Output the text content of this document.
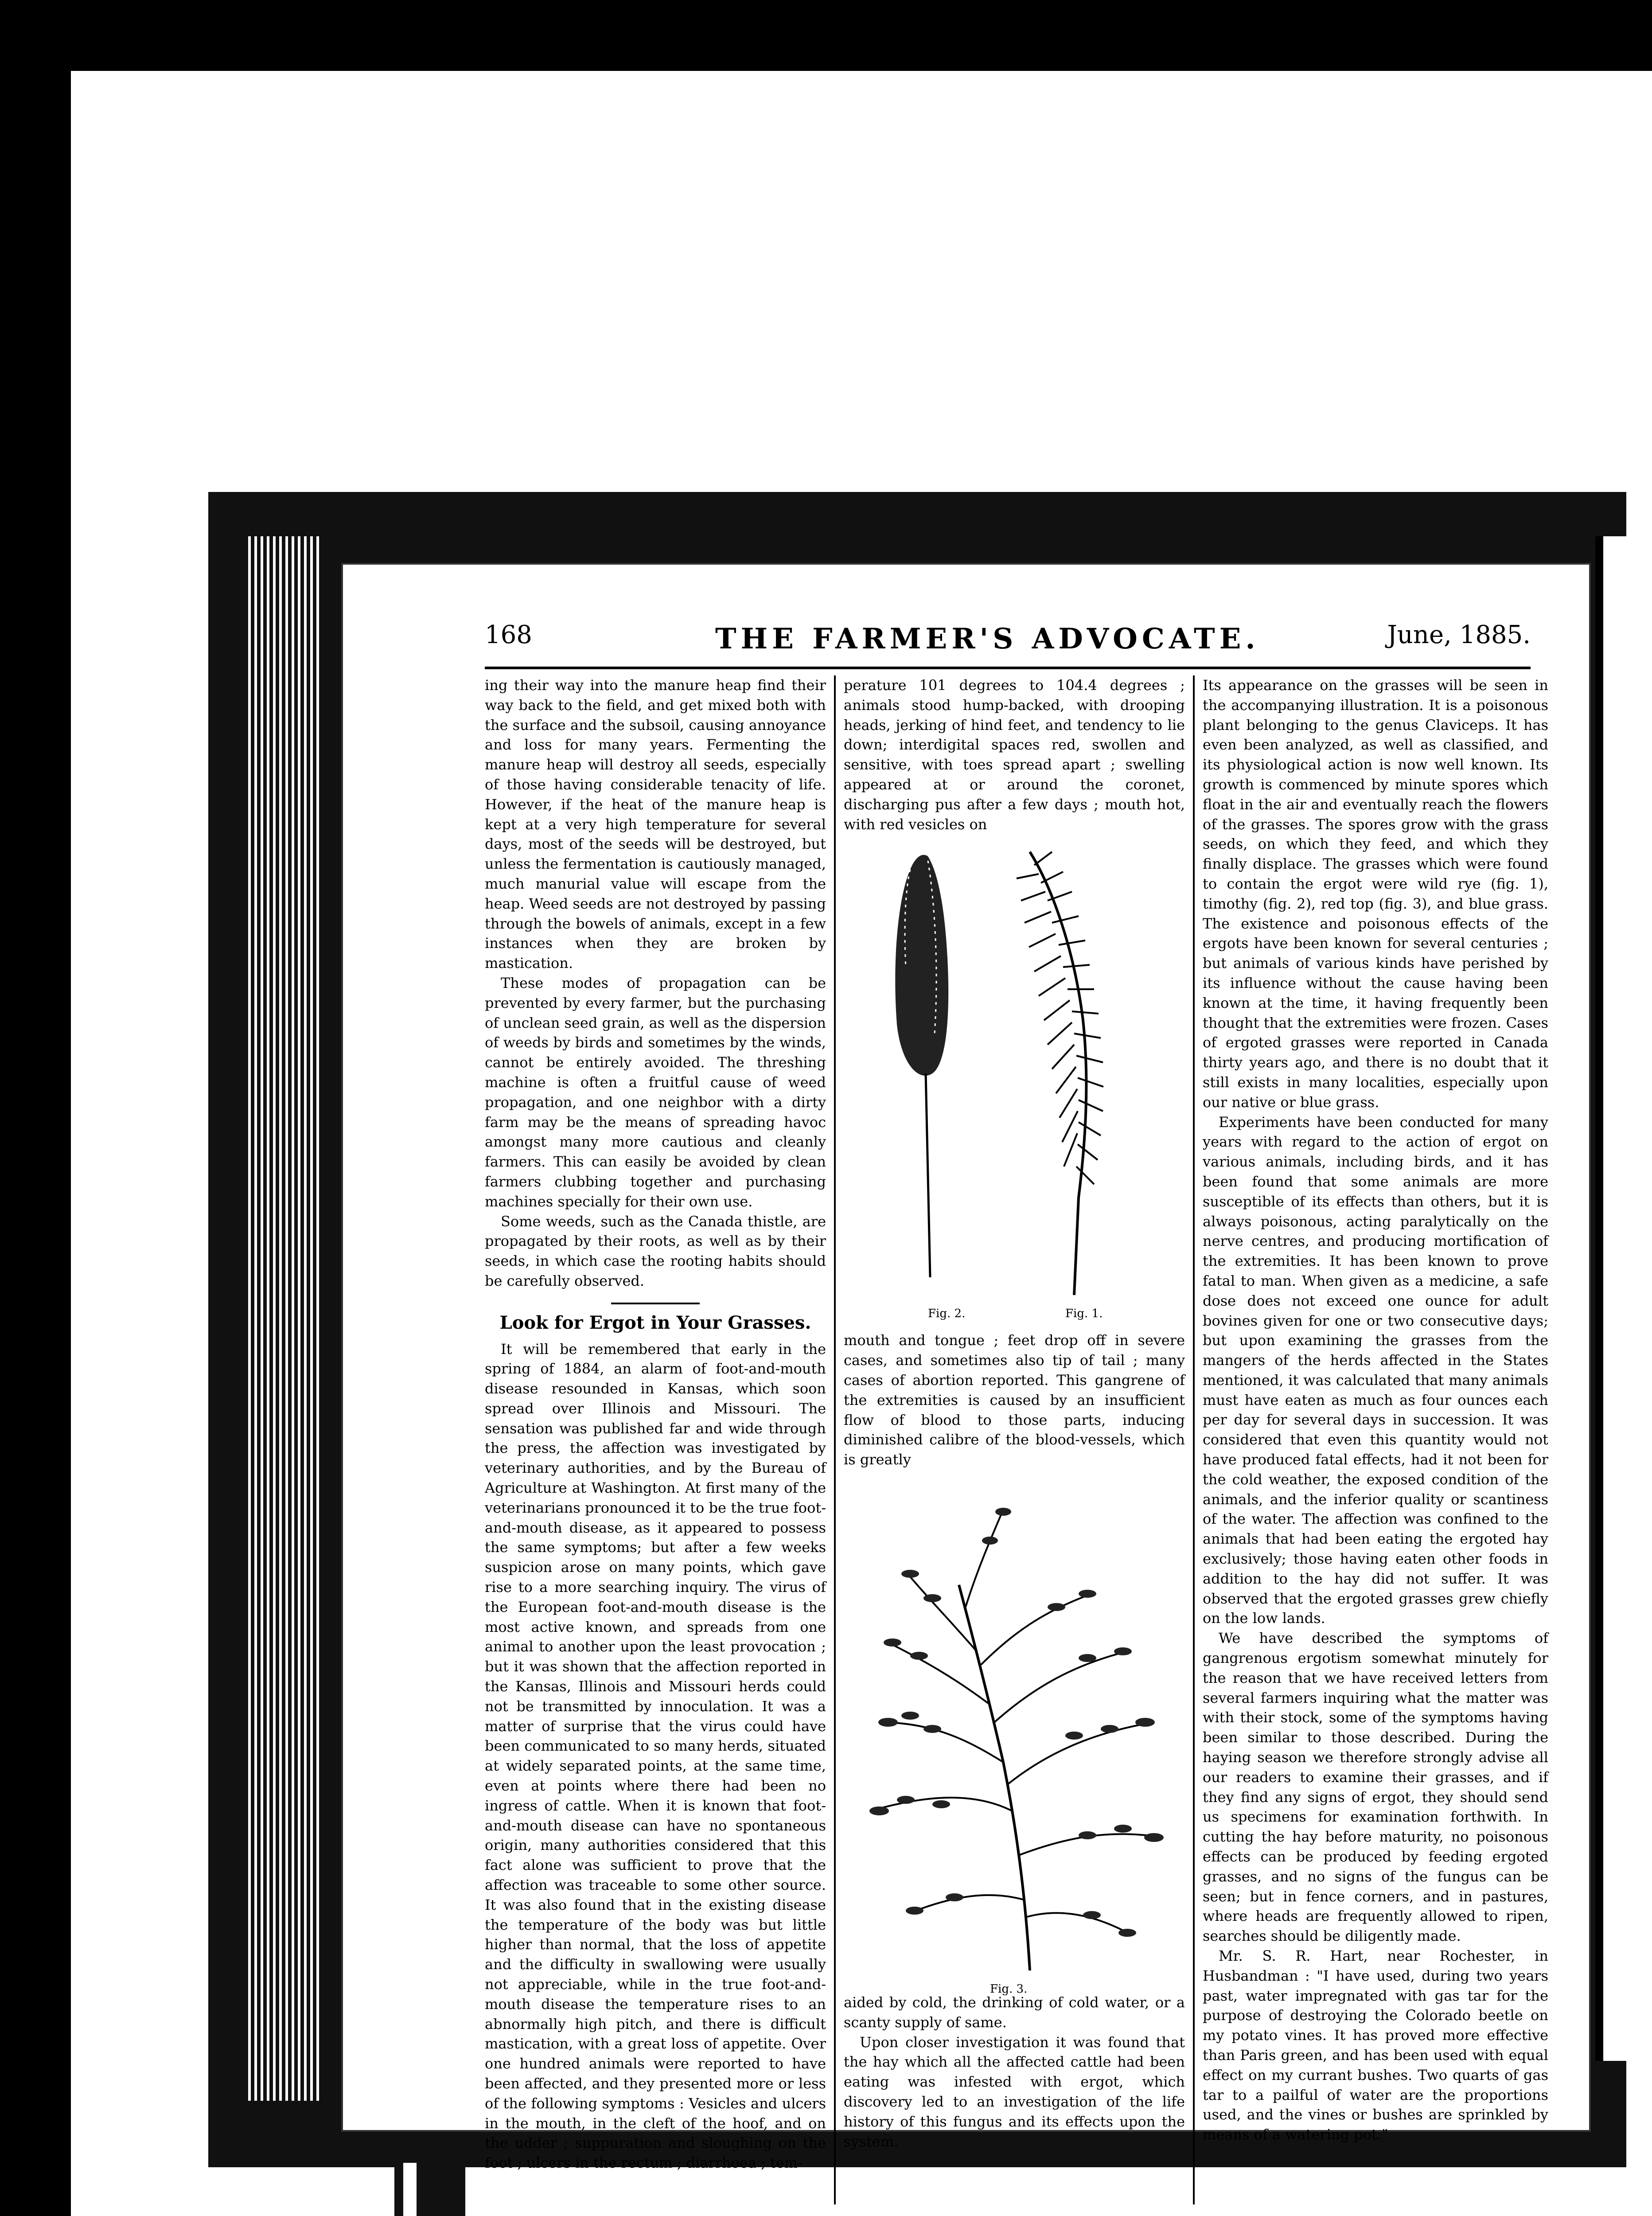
168	THE FARMER'S ADVOCATE.	June, 1885.

ing their way into the manure heap find their way back to the field, and get mixed both with the surface and the subsoil, causing annoyance and loss for many years. Fermenting the manure heap will destroy all seeds, especially of those having considerable tenacity of life. However, if the heat of the manure heap is kept at a very high temperature for several days, most of the seeds will be destroyed, but unless the fermentation is cautiously managed, much manurial value will escape from the heap. Weed seeds are not destroyed by passing through the bowels of animals, except in a few instances when they are broken by mastication.

These modes of propagation can be prevented by every farmer, but the purchasing of unclean seed grain, as well as the dispersion of weeds by birds and sometimes by the winds, cannot be entirely avoided. The threshing machine is often a fruitful cause of weed propagation, and one neighbor with a dirty farm may be the means of spreading havoc amongst many more cautious and cleanly farmers. This can easily be avoided by clean farmers clubbing together and purchasing machines specially for their own use.

Some weeds, such as the Canada thistle, are propagated by their roots, as well as by their seeds, in which case the rooting habits should be carefully observed.

Look for Ergot in Your Grasses.

It will be remembered that early in the spring of 1884, an alarm of foot-and-mouth disease resounded in Kansas, which soon spread over Illinois and Missouri. The sensation was published far and wide through the press, the affection was investigated by veterinary authorities, and by the Bureau of Agriculture at Washington. At first many of the veterinarians pronounced it to be the true foot-and-mouth disease, as it appeared to possess the same symptoms; but after a few weeks suspicion arose on many points, which gave rise to a more searching inquiry. The virus of the European foot-and-mouth disease is the most active known, and spreads from one animal to another upon the least provocation ; but it was shown that the affection reported in the Kansas, Illinois and Missouri herds could not be transmitted by innoculation. It was a matter of surprise that the virus could have been communicated to so many herds, situated at widely separated points, at the same time, even at points where there had been no ingress of cattle. When it is known that foot-and-mouth disease can have no spontaneous origin, many authorities considered that this fact alone was sufficient to prove that the affection was traceable to some other source. It was also found that in the existing disease the temperature of the body was but little higher than normal, that the loss of appetite and the difficulty in swallowing were usually not appreciable, while in the true foot-and-mouth disease the temperature rises to an abnormally high pitch, and there is difficult mastication, with a great loss of appetite. Over one hundred animals were reported to have been affected, and they presented more or less of the following symptoms : Vesicles and ulcers in the mouth, in the cleft of the hoof, and on the udder ; suppuration and sloughing on the foot ; ulcers in the rectum ; diarrhoea ; tem-

perature 101 degrees to 104.4 degrees ; animals stood hump-backed, with drooping heads, jerking of hind feet, and tendency to lie down; interdigital spaces red, swollen and sensitive, with toes spread apart ; swelling appeared at or around the coronet, discharging pus after a few days ; mouth hot, with red vesicles on

Fig. 2.	Fig. 1.

mouth and tongue ; feet drop off in severe cases, and sometimes also tip of tail ; many cases of abortion reported. This gangrene of the extremities is caused by an insufficient flow of blood to those parts, inducing diminished calibre of the blood-vessels, which is greatly

Fig. 3.

aided by cold, the drinking of cold water, or a scanty supply of same.

Upon closer investigation it was found that the hay which all the affected cattle had been eating was infested with ergot, which discovery led to an investigation of the life history of this fungus and its effects upon the system.

Its appearance on the grasses will be seen in the accompanying illustration. It is a poisonous plant belonging to the genus Claviceps. It has even been analyzed, as well as classified, and its physiological action is now well known. Its growth is commenced by minute spores which float in the air and eventually reach the flowers of the grasses. The spores grow with the grass seeds, on which they feed, and which they finally displace. The grasses which were found to contain the ergot were wild rye (fig. 1), timothy (fig. 2), red top (fig. 3), and blue grass. The existence and poisonous effects of the ergots have been known for several centuries ; but animals of various kinds have perished by its influence without the cause having been known at the time, it having frequently been thought that the extremities were frozen. Cases of ergoted grasses were reported in Canada thirty years ago, and there is no doubt that it still exists in many localities, especially upon our native or blue grass.

Experiments have been conducted for many years with regard to the action of ergot on various animals, including birds, and it has been found that some animals are more susceptible of its effects than others, but it is always poisonous, acting paralytically on the nerve centres, and producing mortification of the extremities. It has been known to prove fatal to man. When given as a medicine, a safe dose does not exceed one ounce for adult bovines given for one or two consecutive days; but upon examining the grasses from the mangers of the herds affected in the States mentioned, it was calculated that many animals must have eaten as much as four ounces each per day for several days in succession. It was considered that even this quantity would not have produced fatal effects, had it not been for the cold weather, the exposed condition of the animals, and the inferior quality or scantiness of the water. The affection was confined to the animals that had been eating the ergoted hay exclusively; those having eaten other foods in addition to the hay did not suffer. It was observed that the ergoted grasses grew chiefly on the low lands.

We have described the symptoms of gangrenous ergotism somewhat minutely for the reason that we have received letters from several farmers inquiring what the matter was with their stock, some of the symptoms having been similar to those described. During the haying season we therefore strongly advise all our readers to examine their grasses, and if they find any signs of ergot, they should send us specimens for examination forthwith. In cutting the hay before maturity, no poisonous effects can be produced by feeding ergoted grasses, and no signs of the fungus can be seen; but in fence corners, and in pastures, where heads are frequently allowed to ripen, searches should be diligently made.

Mr. S. R. Hart, near Rochester, in Husbandman : "I have used, during two years past, water impregnated with gas tar for the purpose of destroying the Colorado beetle on my potato vines. It has proved more effective than Paris green, and has been used with equal effect on my currant bushes. Two quarts of gas tar to a pailful of water are the proportions used, and the vines or bushes are sprinkled by means of a watering pot."
